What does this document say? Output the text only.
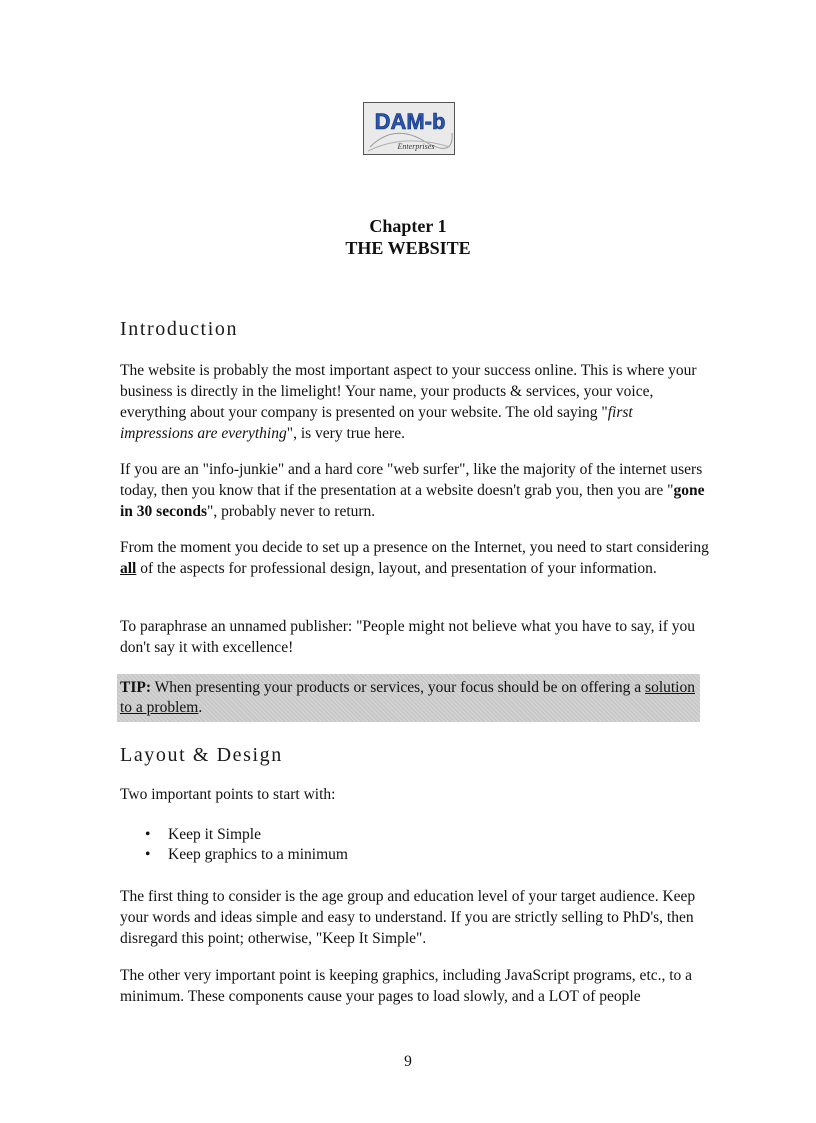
DAM-b
Enterprises
Chapter 1
THE WEBSITE
Introduction

The website is probably the most important aspect to your success online. This is where your business is directly in the limelight! Your name, your products & services, your voice, everything about your company is presented on your website. The old saying "first impressions are everything", is very true here.

If you are an "info-junkie" and a hard core "web surfer", like the majority of the internet users today, then you know that if the presentation at a website doesn't grab you, then you are "gone in 30 seconds", probably never to return.

From the moment you decide to set up a presence on the Internet, you need to start considering all of the aspects for professional design, layout, and presentation of your information.

To paraphrase an unnamed publisher: "People might not believe what you have to say, if you don't say it with excellence!

TIP: When presenting your products or services, your focus should be on offering a solution to a problem.
Layout & Design

Two important points to start with:

• Keep it Simple
• Keep graphics to a minimum

The first thing to consider is the age group and education level of your target audience. Keep your words and ideas simple and easy to understand. If you are strictly selling to PhD's, then disregard this point; otherwise, "Keep It Simple".

The other very important point is keeping graphics, including JavaScript programs, etc., to a minimum. These components cause your pages to load slowly, and a LOT of people

9
